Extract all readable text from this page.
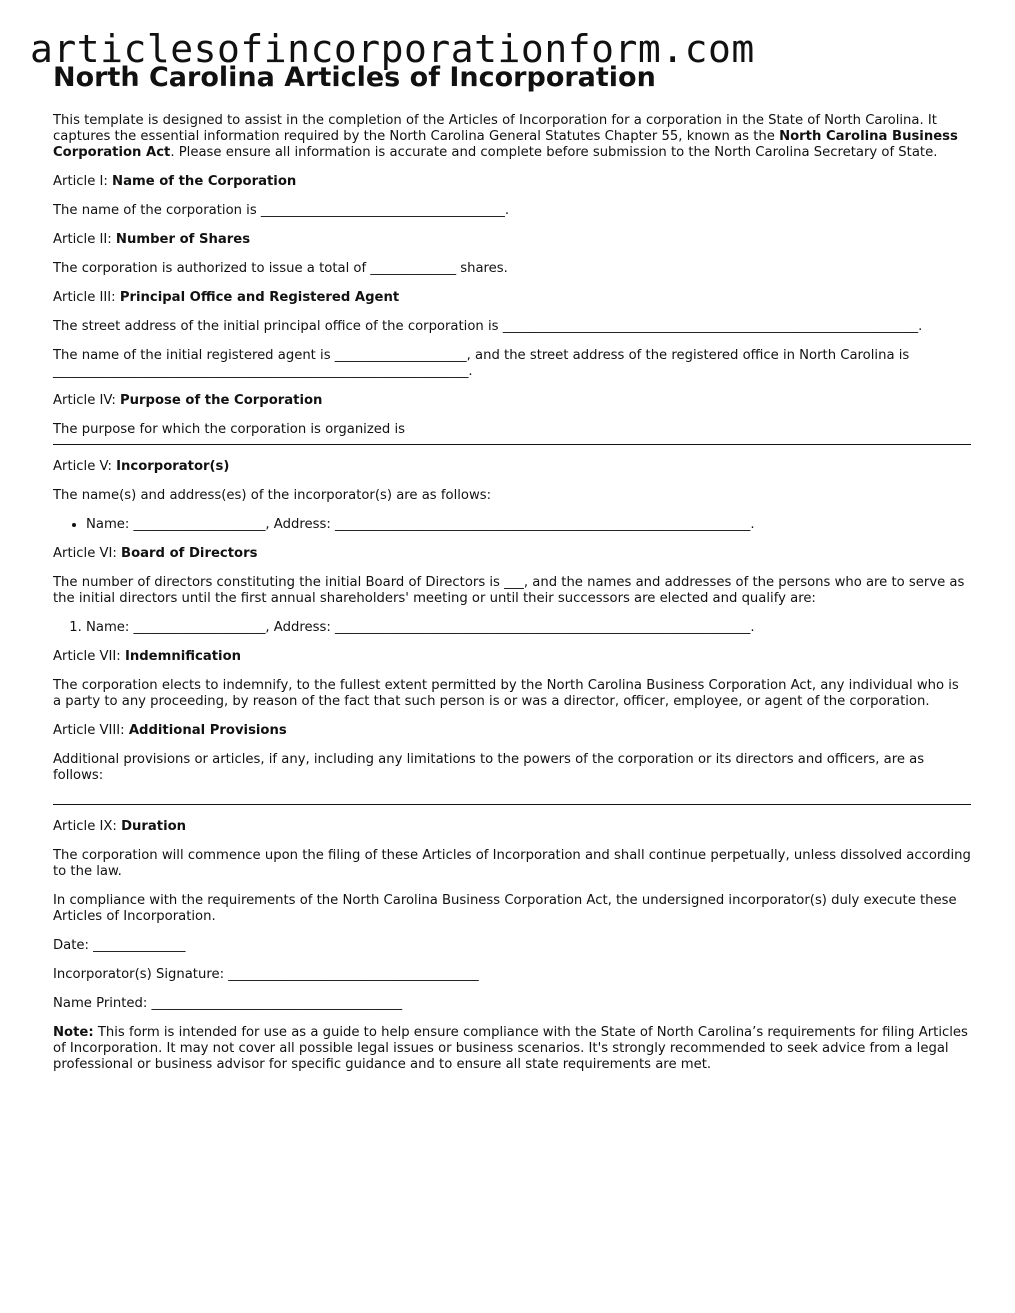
articlesofincorporationform.com
North Carolina Articles of Incorporation

This template is designed to assist in the completion of the Articles of Incorporation for a corporation in the State of North Carolina. It captures the essential information required by the North Carolina General Statutes Chapter 55, known as the North Carolina Business Corporation Act. Please ensure all information is accurate and complete before submission to the North Carolina Secretary of State.

Article I: Name of the Corporation

The name of the corporation is _____________________________________.

Article II: Number of Shares

The corporation is authorized to issue a total of _____________ shares.

Article III: Principal Office and Registered Agent

The street address of the initial principal office of the corporation is _______________________________________________________________.

The name of the initial registered agent is ____________________, and the street address of the registered office in North Carolina is _______________________________________________________________.

Article IV: Purpose of the Corporation

The purpose for which the corporation is organized is

Article V: Incorporator(s)

The name(s) and address(es) of the incorporator(s) are as follows:

• Name: ____________________, Address: _______________________________________________________________.

Article VI: Board of Directors

The number of directors constituting the initial Board of Directors is ___, and the names and addresses of the persons who are to serve as the initial directors until the first annual shareholders' meeting or until their successors are elected and qualify are:

1. Name: ____________________, Address: _______________________________________________________________.

Article VII: Indemnification

The corporation elects to indemnify, to the fullest extent permitted by the North Carolina Business Corporation Act, any individual who is a party to any proceeding, by reason of the fact that such person is or was a director, officer, employee, or agent of the corporation.

Article VIII: Additional Provisions

Additional provisions or articles, if any, including any limitations to the powers of the corporation or its directors and officers, are as follows:

Article IX: Duration

The corporation will commence upon the filing of these Articles of Incorporation and shall continue perpetually, unless dissolved according to the law.

In compliance with the requirements of the North Carolina Business Corporation Act, the undersigned incorporator(s) duly execute these Articles of Incorporation.

Date: ______________

Incorporator(s) Signature: ______________________________________

Name Printed: ______________________________________

Note: This form is intended for use as a guide to help ensure compliance with the State of North Carolina’s requirements for filing Articles of Incorporation. It may not cover all possible legal issues or business scenarios. It's strongly recommended to seek advice from a legal professional or business advisor for specific guidance and to ensure all state requirements are met.
